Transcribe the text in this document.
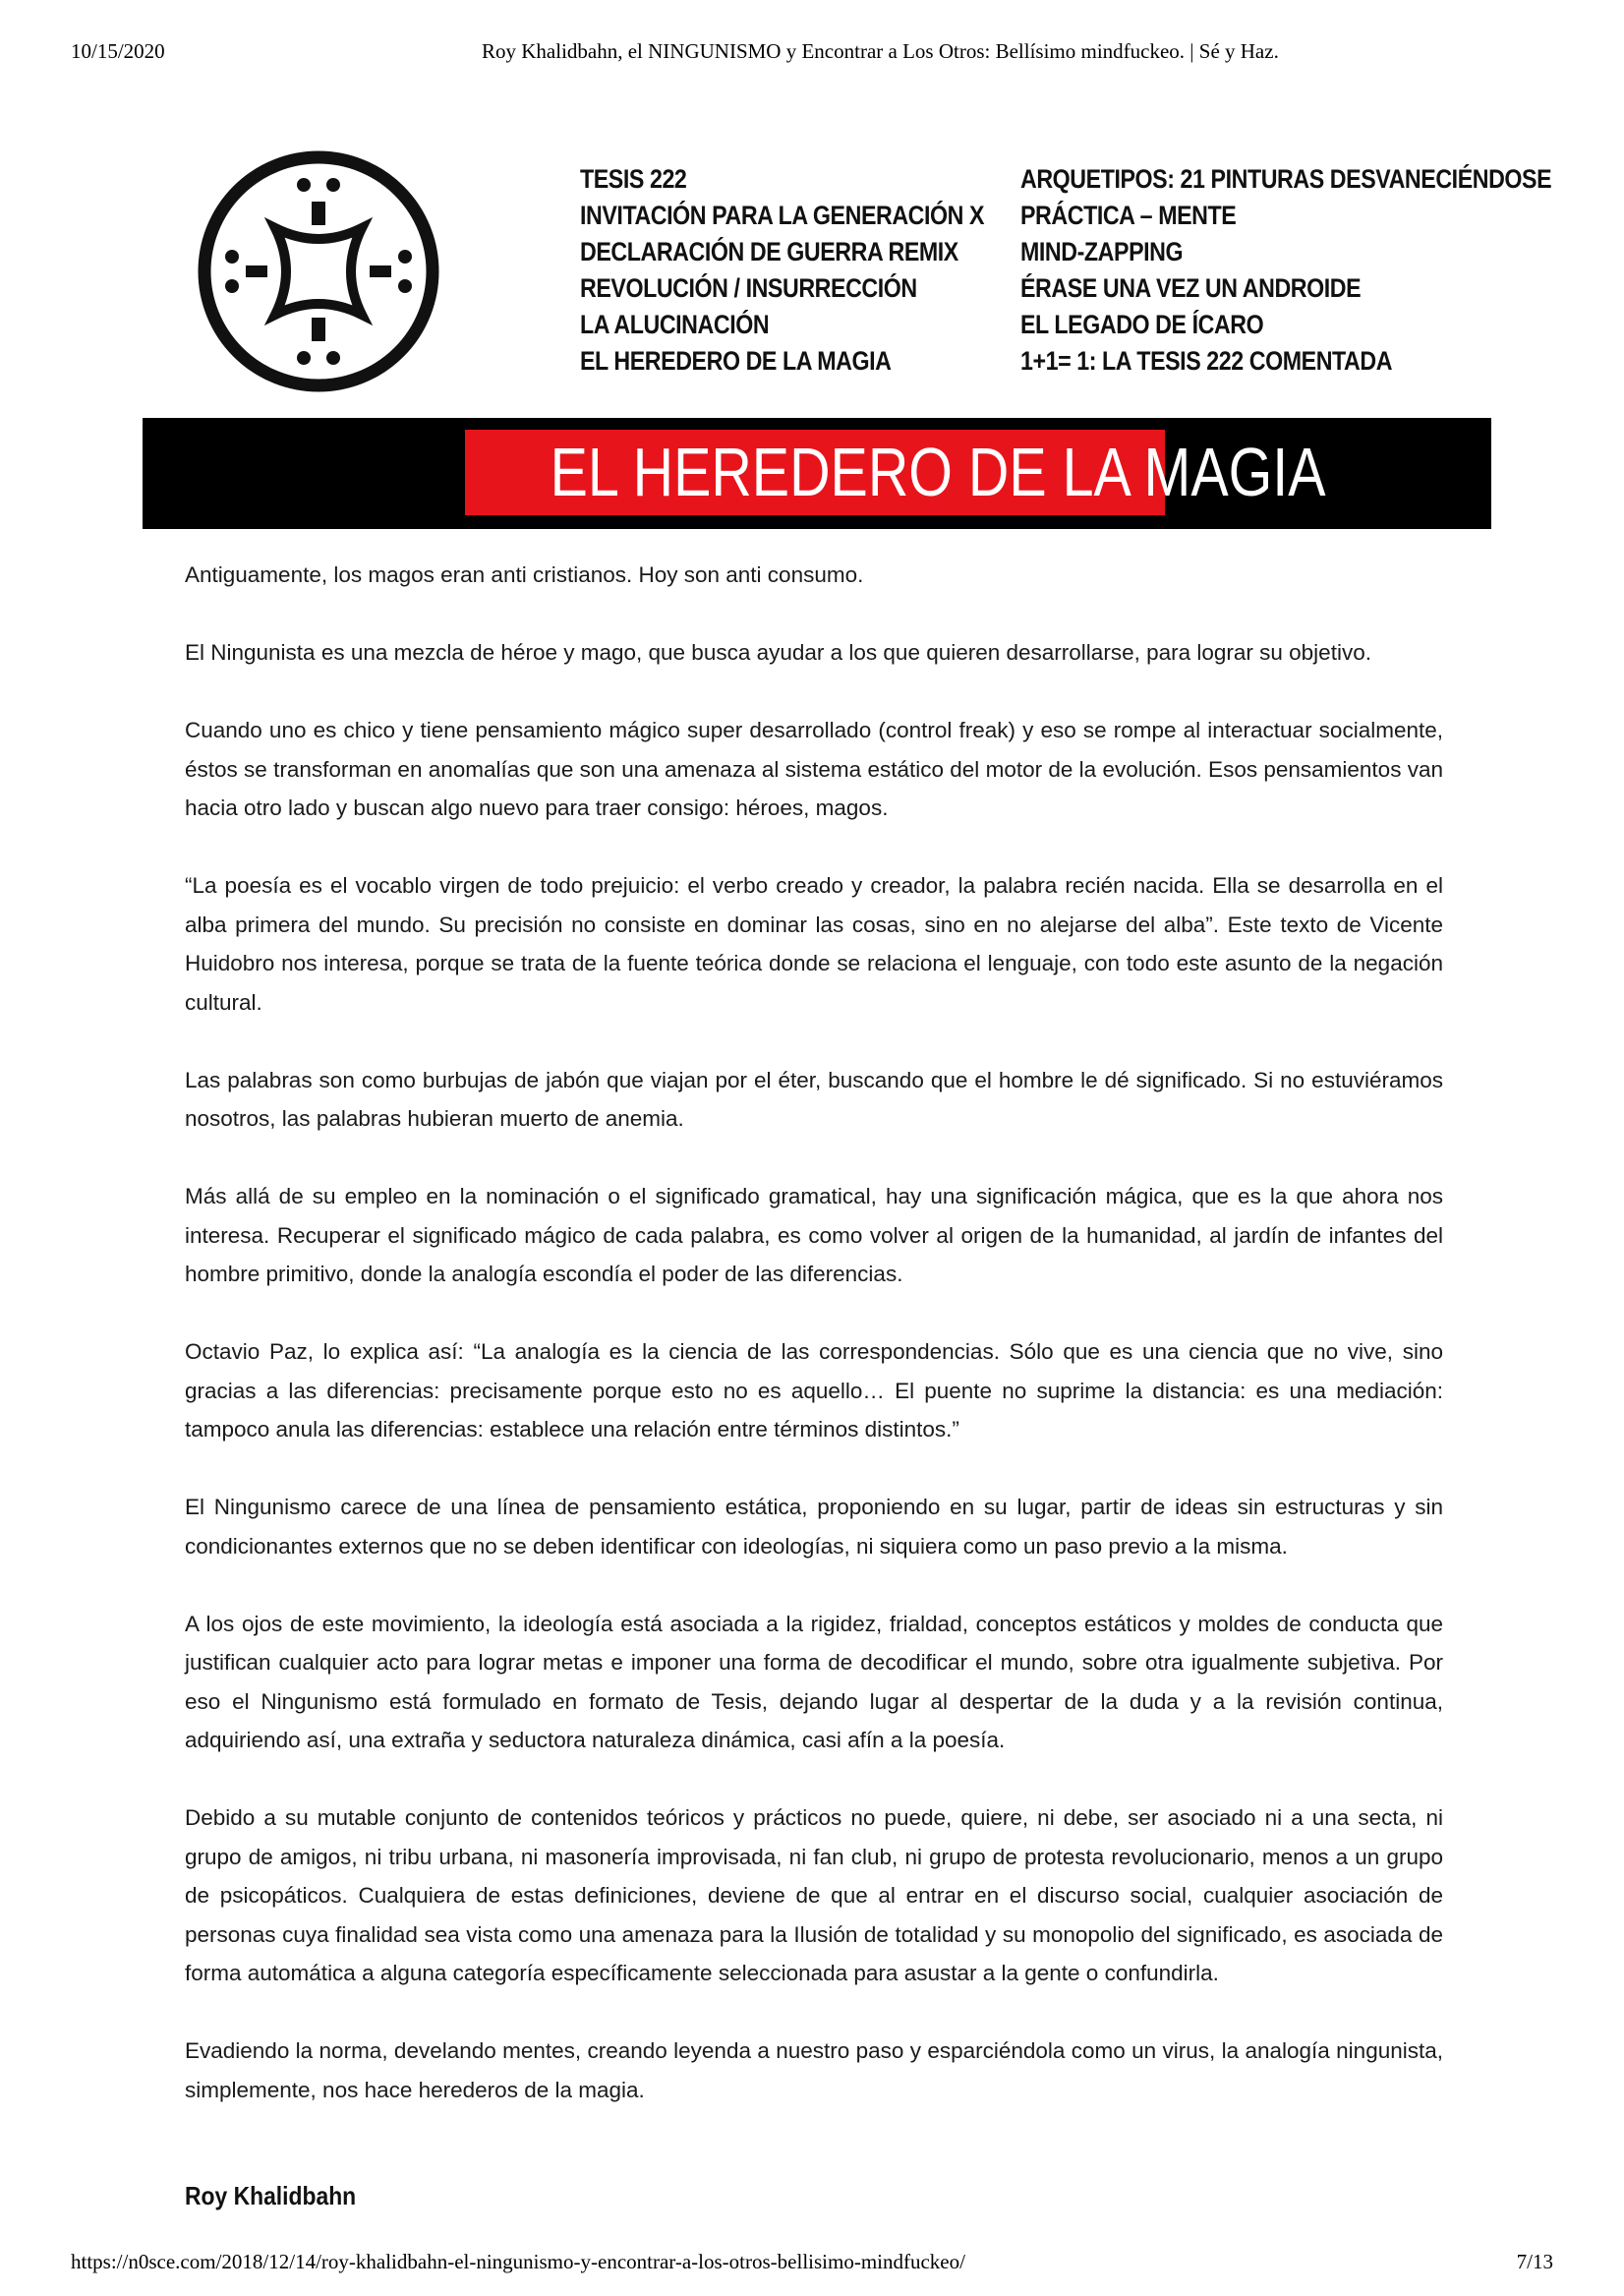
10/15/2020	Roy Khalidbahn, el NINGUNISMO y Encontrar a Los Otros: Bellísimo mindfuckeo. | Sé y Haz.
TESIS 222
INVITACIÓN PARA LA GENERACIÓN X
DECLARACIÓN DE GUERRA REMIX
REVOLUCIÓN / INSURRECCIÓN
LA ALUCINACIÓN
EL HEREDERO DE LA MAGIA
ARQUETIPOS: 21 PINTURAS DESVANECIÉNDOSE
PRÁCTICA – MENTE
MIND-ZAPPING
ÉRASE UNA VEZ UN ANDROIDE
EL LEGADO DE ÍCARO
1+1= 1: LA TESIS 222 COMENTADA
EL HEREDERO DE LA MAGIA

Antiguamente, los magos eran anti cristianos. Hoy son anti consumo.

El Ningunista es una mezcla de héroe y mago, que busca ayudar a los que quieren desarrollarse, para lograr su objetivo.

Cuando uno es chico y tiene pensamiento mágico super desarrollado (control freak) y eso se rompe al interactuar socialmente, éstos se transforman en anomalías que son una amenaza al sistema estático del motor de la evolución. Esos pensamientos van hacia otro lado y buscan algo nuevo para traer consigo: héroes, magos.

“La poesía es el vocablo virgen de todo prejuicio: el verbo creado y creador, la palabra recién nacida. Ella se desarrolla en el alba primera del mundo. Su precisión no consiste en dominar las cosas, sino en no alejarse del alba”. Este texto de Vicente Huidobro nos interesa, porque se trata de la fuente teórica donde se relaciona el lenguaje, con todo este asunto de la negación cultural.

Las palabras son como burbujas de jabón que viajan por el éter, buscando que el hombre le dé significado. Si no estuviéramos nosotros, las palabras hubieran muerto de anemia.

Más allá de su empleo en la nominación o el significado gramatical, hay una significación mágica, que es la que ahora nos interesa. Recuperar el significado mágico de cada palabra, es como volver al origen de la humanidad, al jardín de infantes del hombre primitivo, donde la analogía escondía el poder de las diferencias.

Octavio Paz, lo explica así: “La analogía es la ciencia de las correspondencias. Sólo que es una ciencia que no vive, sino gracias a las diferencias: precisamente porque esto no es aquello… El puente no suprime la distancia: es una mediación: tampoco anula las diferencias: establece una relación entre términos distintos.”

El Ningunismo carece de una línea de pensamiento estática, proponiendo en su lugar, partir de ideas sin estructuras y sin condicionantes externos que no se deben identificar con ideologías, ni siquiera como un paso previo a la misma.

A los ojos de este movimiento, la ideología está asociada a la rigidez, frialdad, conceptos estáticos y moldes de conducta que justifican cualquier acto para lograr metas e imponer una forma de decodificar el mundo, sobre otra igualmente subjetiva. Por eso el Ningunismo está formulado en formato de Tesis, dejando lugar al despertar de la duda y a la revisión continua, adquiriendo así, una extraña y seductora naturaleza dinámica, casi afín a la poesía.

Debido a su mutable conjunto de contenidos teóricos y prácticos no puede, quiere, ni debe, ser asociado ni a una secta, ni grupo de amigos, ni tribu urbana, ni masonería improvisada, ni fan club, ni grupo de protesta revolucionario, menos a un grupo de psicopáticos. Cualquiera de estas definiciones, deviene de que al entrar en el discurso social, cualquier asociación de personas cuya finalidad sea vista como una amenaza para la Ilusión de totalidad y su monopolio del significado, es asociada de forma automática a alguna categoría específicamente seleccionada para asustar a la gente o confundirla.

Evadiendo la norma, develando mentes, creando leyenda a nuestro paso y esparciéndola como un virus, la analogía ningunista, simplemente, nos hace herederos de la magia.

Roy Khalidbahn
https://n0sce.com/2018/12/14/roy-khalidbahn-el-ningunismo-y-encontrar-a-los-otros-bellisimo-mindfuckeo/	7/13
